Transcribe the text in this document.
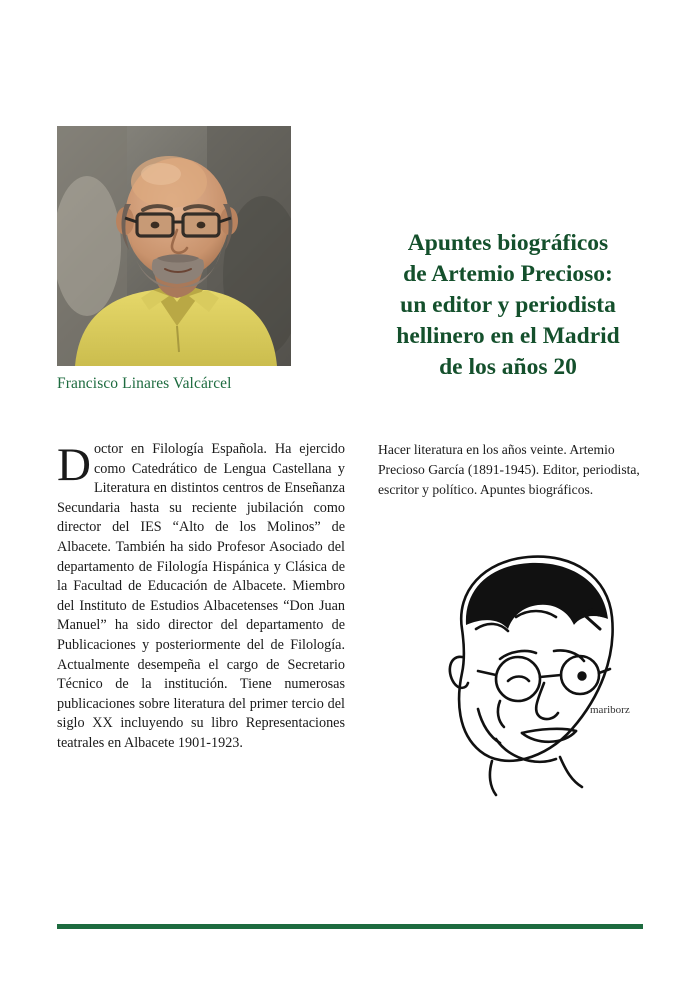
Francisco Linares Valcárcel
Apuntes biográficos
de Artemio Precioso:
un editor y periodista
hellinero en el Madrid
de los años 20
Doctor en Filología Española. Ha ejercido como Catedrático de Lengua Castellana y Literatura en distintos centros de Enseñanza Secundaria hasta su reciente jubilación como director del IES “Alto de los Molinos” de Albacete. También ha sido Profesor Asociado del departamento de Filología Hispánica y Clásica de la Facultad de Educación de Albacete. Miembro del Instituto de Estudios Albacetenses “Don Juan Manuel” ha sido director del departamento de Publicaciones y posteriormente del de Filología. Actualmente desempeña el cargo de Secretario Técnico de la institución. Tiene numerosas publicaciones sobre literatura del primer tercio del siglo XX incluyendo su libro Representaciones teatrales en Albacete 1901-1923.
Hacer literatura en los años veinte. Artemio Precioso García (1891-1945). Editor, periodista, escritor y político. Apuntes biográficos.
mariborz
